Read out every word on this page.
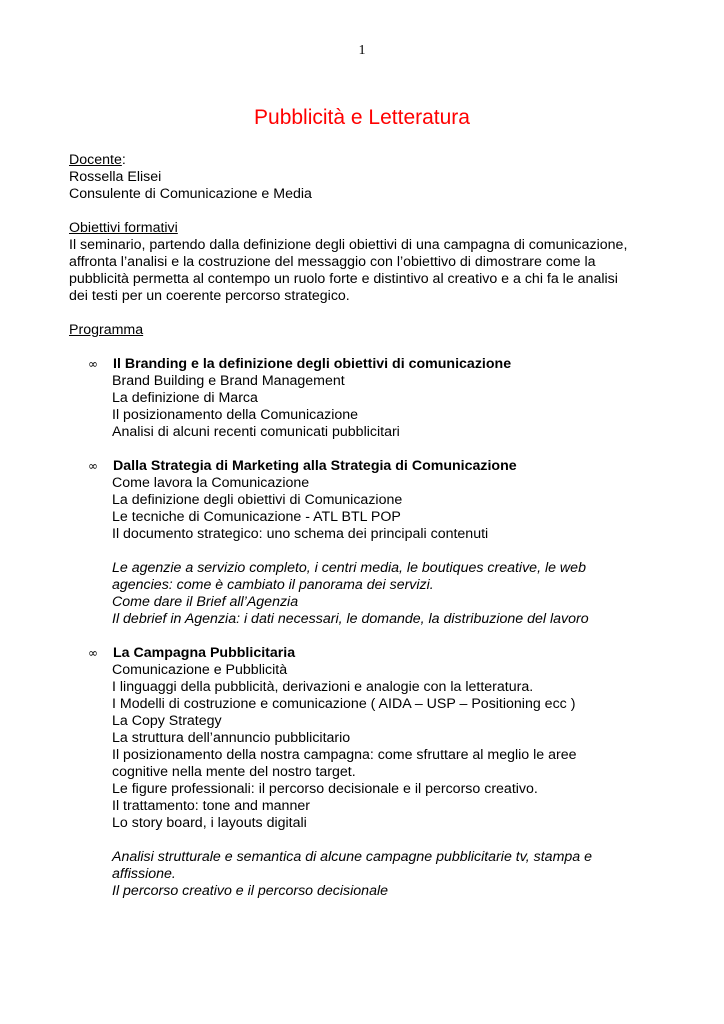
1
Pubblicità e Letteratura
Docente:
Rossella Elisei
Consulente di Comunicazione e Media
Obiettivi formativi
Il seminario, partendo dalla definizione degli obiettivi di una campagna di comunicazione,
affronta l’analisi e la costruzione del messaggio con l’obiettivo di dimostrare come la
pubblicità permetta al contempo un ruolo forte e distintivo al creativo e a chi fa le analisi
dei testi per un coerente percorso strategico.
Programma
∞	Il Branding e la definizione degli obiettivi di comunicazione
Brand Building e Brand Management
La definizione di Marca
Il posizionamento della Comunicazione
Analisi di alcuni recenti comunicati pubblicitari
∞	Dalla Strategia di Marketing alla Strategia di Comunicazione
Come lavora la Comunicazione
La definizione degli obiettivi di Comunicazione
Le tecniche di Comunicazione - ATL BTL POP
Il documento strategico: uno schema dei principali contenuti
Le agenzie a servizio completo, i centri media, le boutiques creative, le web
agencies: come è cambiato il panorama dei servizi.
Come dare il Brief all’Agenzia
Il debrief in Agenzia: i dati necessari, le domande, la distribuzione del lavoro
∞	La Campagna Pubblicitaria
Comunicazione e Pubblicità
I linguaggi della pubblicità, derivazioni e analogie con la letteratura.
I Modelli di costruzione e comunicazione ( AIDA – USP – Positioning ecc )
La Copy Strategy
La struttura dell’annuncio pubblicitario
Il posizionamento della nostra campagna: come sfruttare al meglio le aree
cognitive nella mente del nostro target.
Le figure professionali: il percorso decisionale e il percorso creativo.
Il trattamento: tone and manner
Lo story board, i layouts digitali
Analisi strutturale e semantica di alcune campagne pubblicitarie tv, stampa e
affissione.
Il percorso creativo e il percorso decisionale
